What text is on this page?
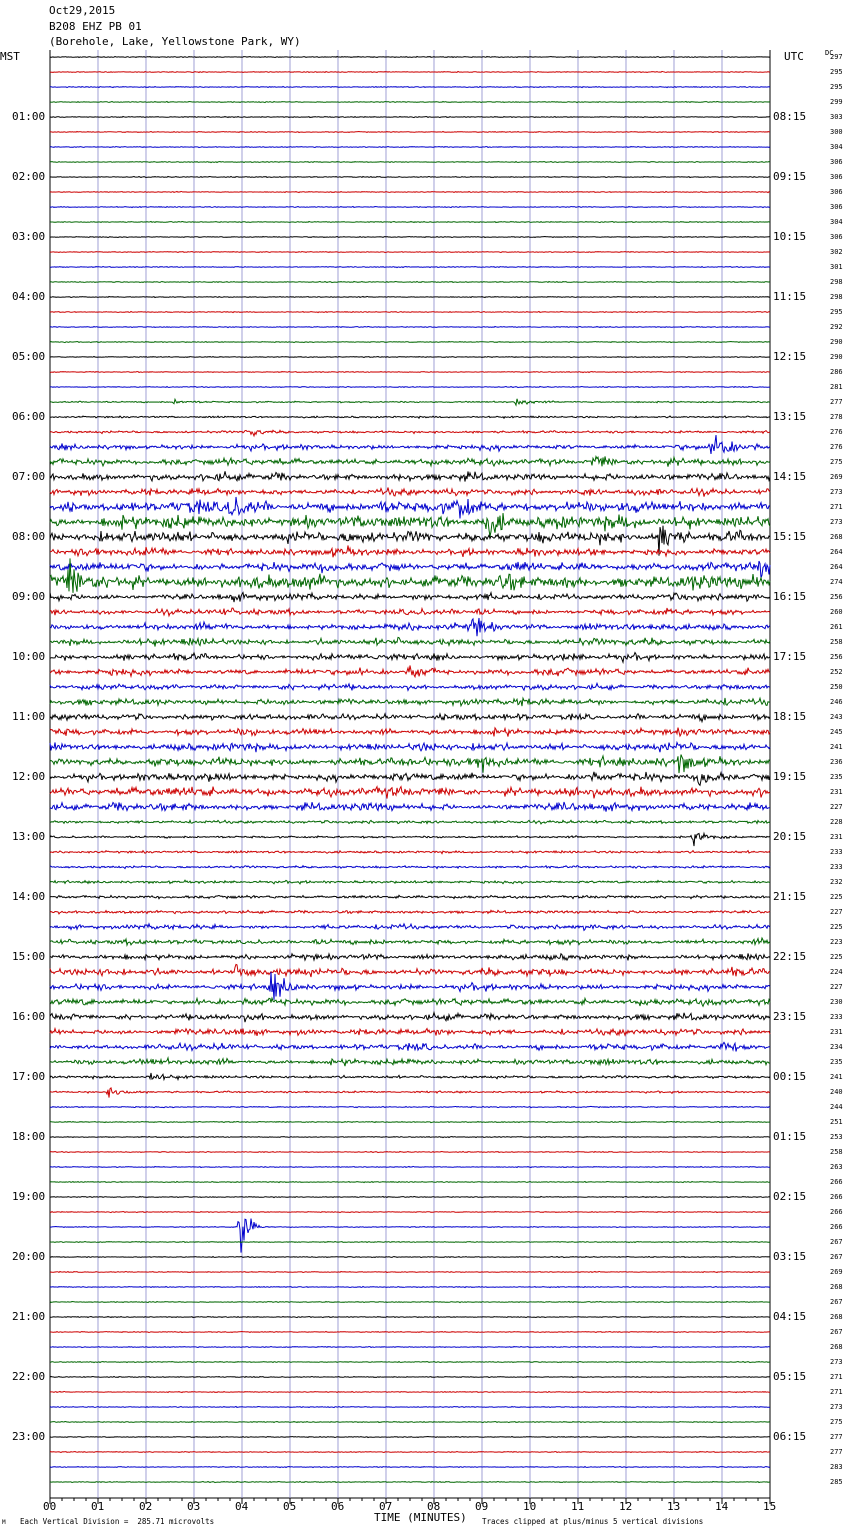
Oct29,2015
B208 EHZ PB 01
(Borehole, Lake, Yellowstone Park, WY)
MST	UTC	DC
01:00
02:00
03:00
04:00
05:00
06:00
07:00
08:00
09:00
10:00
11:00
12:00
13:00
14:00
15:00
16:00
17:00
18:00
19:00
20:00
21:00
22:00
23:00
08:15
09:15
10:15
11:15
12:15
13:15
14:15
15:15
16:15
17:15
18:15
19:15
20:15
21:15
22:15
23:15
00:15
01:15
02:15
03:15
04:15
05:15
06:15
297
295
295
299
303
300
304
306
306
306
306
304
306
302
301
298
298
295
292
290
290
286
281
277
278
276
276
275
269
273
271
273
268
264
264
274
256
260
261
258
256
252
250
246
243
245
241
236
235
231
227
228
231
233
233
232
225
227
225
223
225
224
227
230
233
231
234
235
241
240
244
251
253
258
263
266
266
266
266
267
267
269
268
267
268
267
268
273
271
271
273
275
277
277
283
285
00	01	02	03	04	05	06	07	08	09	10	11	12	13	14	15
TIME (MINUTES)
Each Vertical Division =  285.71 microvolts	Traces clipped at plus/minus 5 vertical divisions
M
